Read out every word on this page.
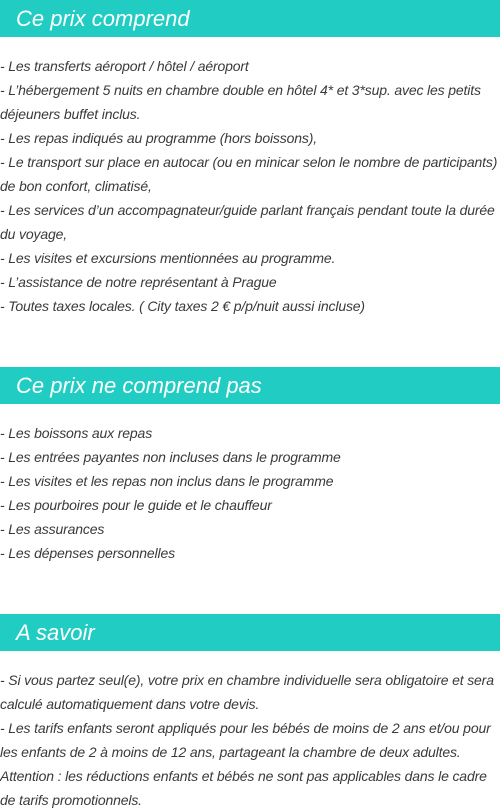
Ce prix comprend
- Les transferts aéroport / hôtel / aéroport
- L’hébergement 5 nuits en chambre double en hôtel 4* et 3*sup. avec les petits déjeuners buffet inclus.
- Les repas indiqués au programme (hors boissons),
- Le transport sur place en autocar (ou en minicar selon le nombre de participants) de bon confort, climatisé,
- Les services d’un accompagnateur/guide parlant français pendant toute la durée du voyage,
- Les visites et excursions mentionnées au programme.
- L’assistance de notre représentant à Prague
- Toutes taxes locales. ( City taxes 2 € p/p/nuit aussi incluse)
Ce prix ne comprend pas
- Les boissons aux repas
- Les entrées payantes non incluses dans le programme
- Les visites et les repas non inclus dans le programme
- Les pourboires pour le guide et le chauffeur
- Les assurances
- Les dépenses personnelles
A savoir
- Si vous partez seul(e), votre prix en chambre individuelle sera obligatoire et sera calculé automatiquement dans votre devis.
- Les tarifs enfants seront appliqués pour les bébés de moins de 2 ans et/ou pour les enfants de 2 à moins de 12 ans, partageant la chambre de deux adultes.
Attention : les réductions enfants et bébés ne sont pas applicables dans le cadre de tarifs promotionnels.
